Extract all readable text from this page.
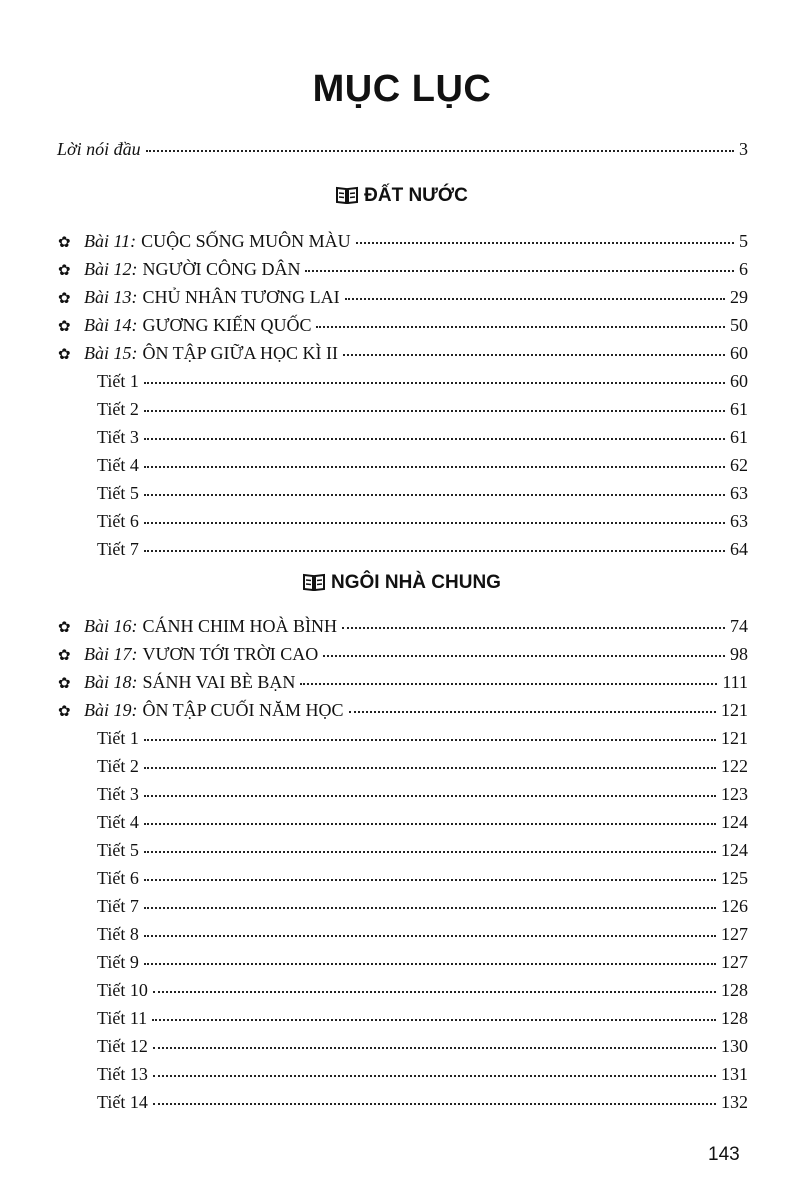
MỤC LỤC
Lời nói đầu	3
ĐẤT NƯỚC
✿ Bài 11: CUỘC SỐNG MUÔN MÀU	5
✿ Bài 12: NGƯỜI CÔNG DÂN	6
✿ Bài 13: CHỦ NHÂN TƯƠNG LAI	29
✿ Bài 14: GƯƠNG KIẾN QUỐC	50
✿ Bài 15: ÔN TẬP GIỮA HỌC KÌ II	60
Tiết 1	60
Tiết 2	61
Tiết 3	61
Tiết 4	62
Tiết 5	63
Tiết 6	63
Tiết 7	64
NGÔI NHÀ CHUNG
✿ Bài 16: CÁNH CHIM HOÀ BÌNH	74
✿ Bài 17: VƯƠN TỚI TRỜI CAO	98
✿ Bài 18: SÁNH VAI BÈ BẠN	111
✿ Bài 19: ÔN TẬP CUỐI NĂM HỌC	121
Tiết 1	121
Tiết 2	122
Tiết 3	123
Tiết 4	124
Tiết 5	124
Tiết 6	125
Tiết 7	126
Tiết 8	127
Tiết 9	127
Tiết 10	128
Tiết 11	128
Tiết 12	130
Tiết 13	131
Tiết 14	132
143
